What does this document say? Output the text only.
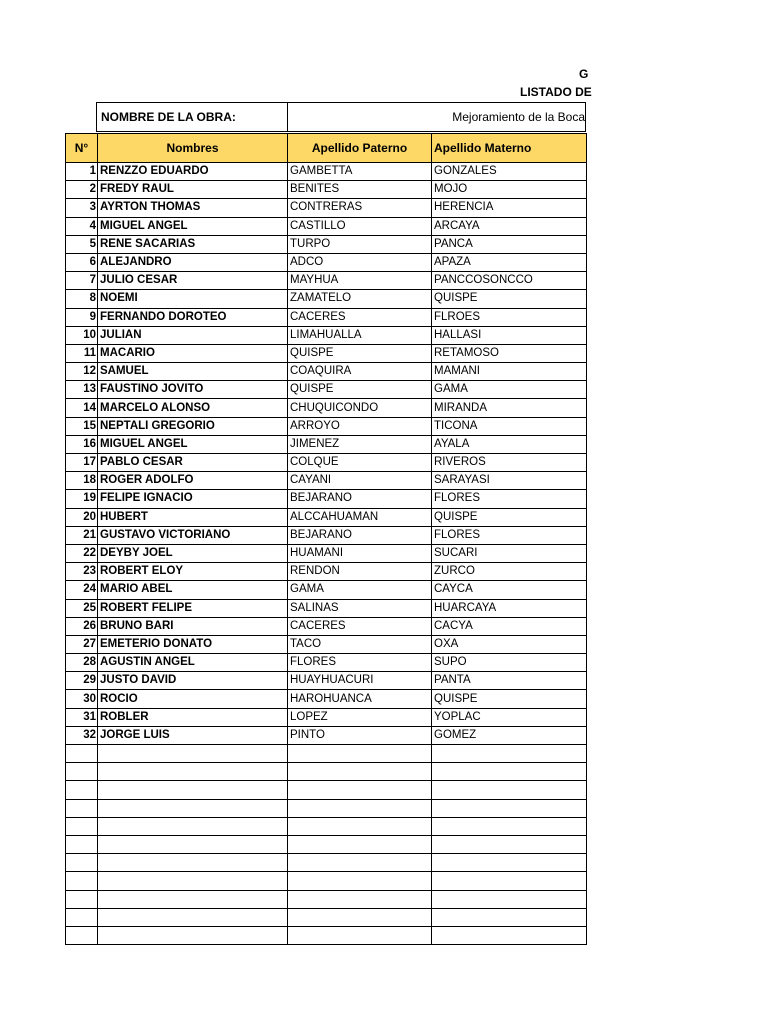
G
LISTADO DE
NOMBRE DE LA OBRA:	Mejoramiento de la Boca
N°	Nombres	Apellido Paterno	Apellido Materno
1	RENZZO EDUARDO	GAMBETTA	GONZALES
2	FREDY RAUL	BENITES	MOJO
3	AYRTON THOMAS	CONTRERAS	HERENCIA
4	MIGUEL ANGEL	CASTILLO	ARCAYA
5	RENE SACARIAS	TURPO	PANCA
6	ALEJANDRO	ADCO	APAZA
7	JULIO CESAR	MAYHUA	PANCCOSONCCO
8	NOEMI	ZAMATELO	QUISPE
9	FERNANDO DOROTEO	CACERES	FLROES
10	JULIAN	LIMAHUALLA	HALLASI
11	MACARIO	QUISPE	RETAMOSO
12	SAMUEL	COAQUIRA	MAMANI
13	FAUSTINO JOVITO	QUISPE	GAMA
14	MARCELO ALONSO	CHUQUICONDO	MIRANDA
15	NEPTALI GREGORIO	ARROYO	TICONA
16	MIGUEL ANGEL	JIMENEZ	AYALA
17	PABLO CESAR	COLQUE	RIVEROS
18	ROGER ADOLFO	CAYANI	SARAYASI
19	FELIPE IGNACIO	BEJARANO	FLORES
20	HUBERT	ALCCAHUAMAN	QUISPE
21	GUSTAVO VICTORIANO	BEJARANO	FLORES
22	DEYBY JOEL	HUAMANI	SUCARI
23	ROBERT ELOY	RENDON	ZURCO
24	MARIO ABEL	GAMA	CAYCA
25	ROBERT FELIPE	SALINAS	HUARCAYA
26	BRUNO BARI	CACERES	CACYA
27	EMETERIO DONATO	TACO	OXA
28	AGUSTIN ANGEL	FLORES	SUPO
29	JUSTO DAVID	HUAYHUACURI	PANTA
30	ROCIO	HAROHUANCA	QUISPE
31	ROBLER	LOPEZ	YOPLAC
32	JORGE LUIS	PINTO	GOMEZ
